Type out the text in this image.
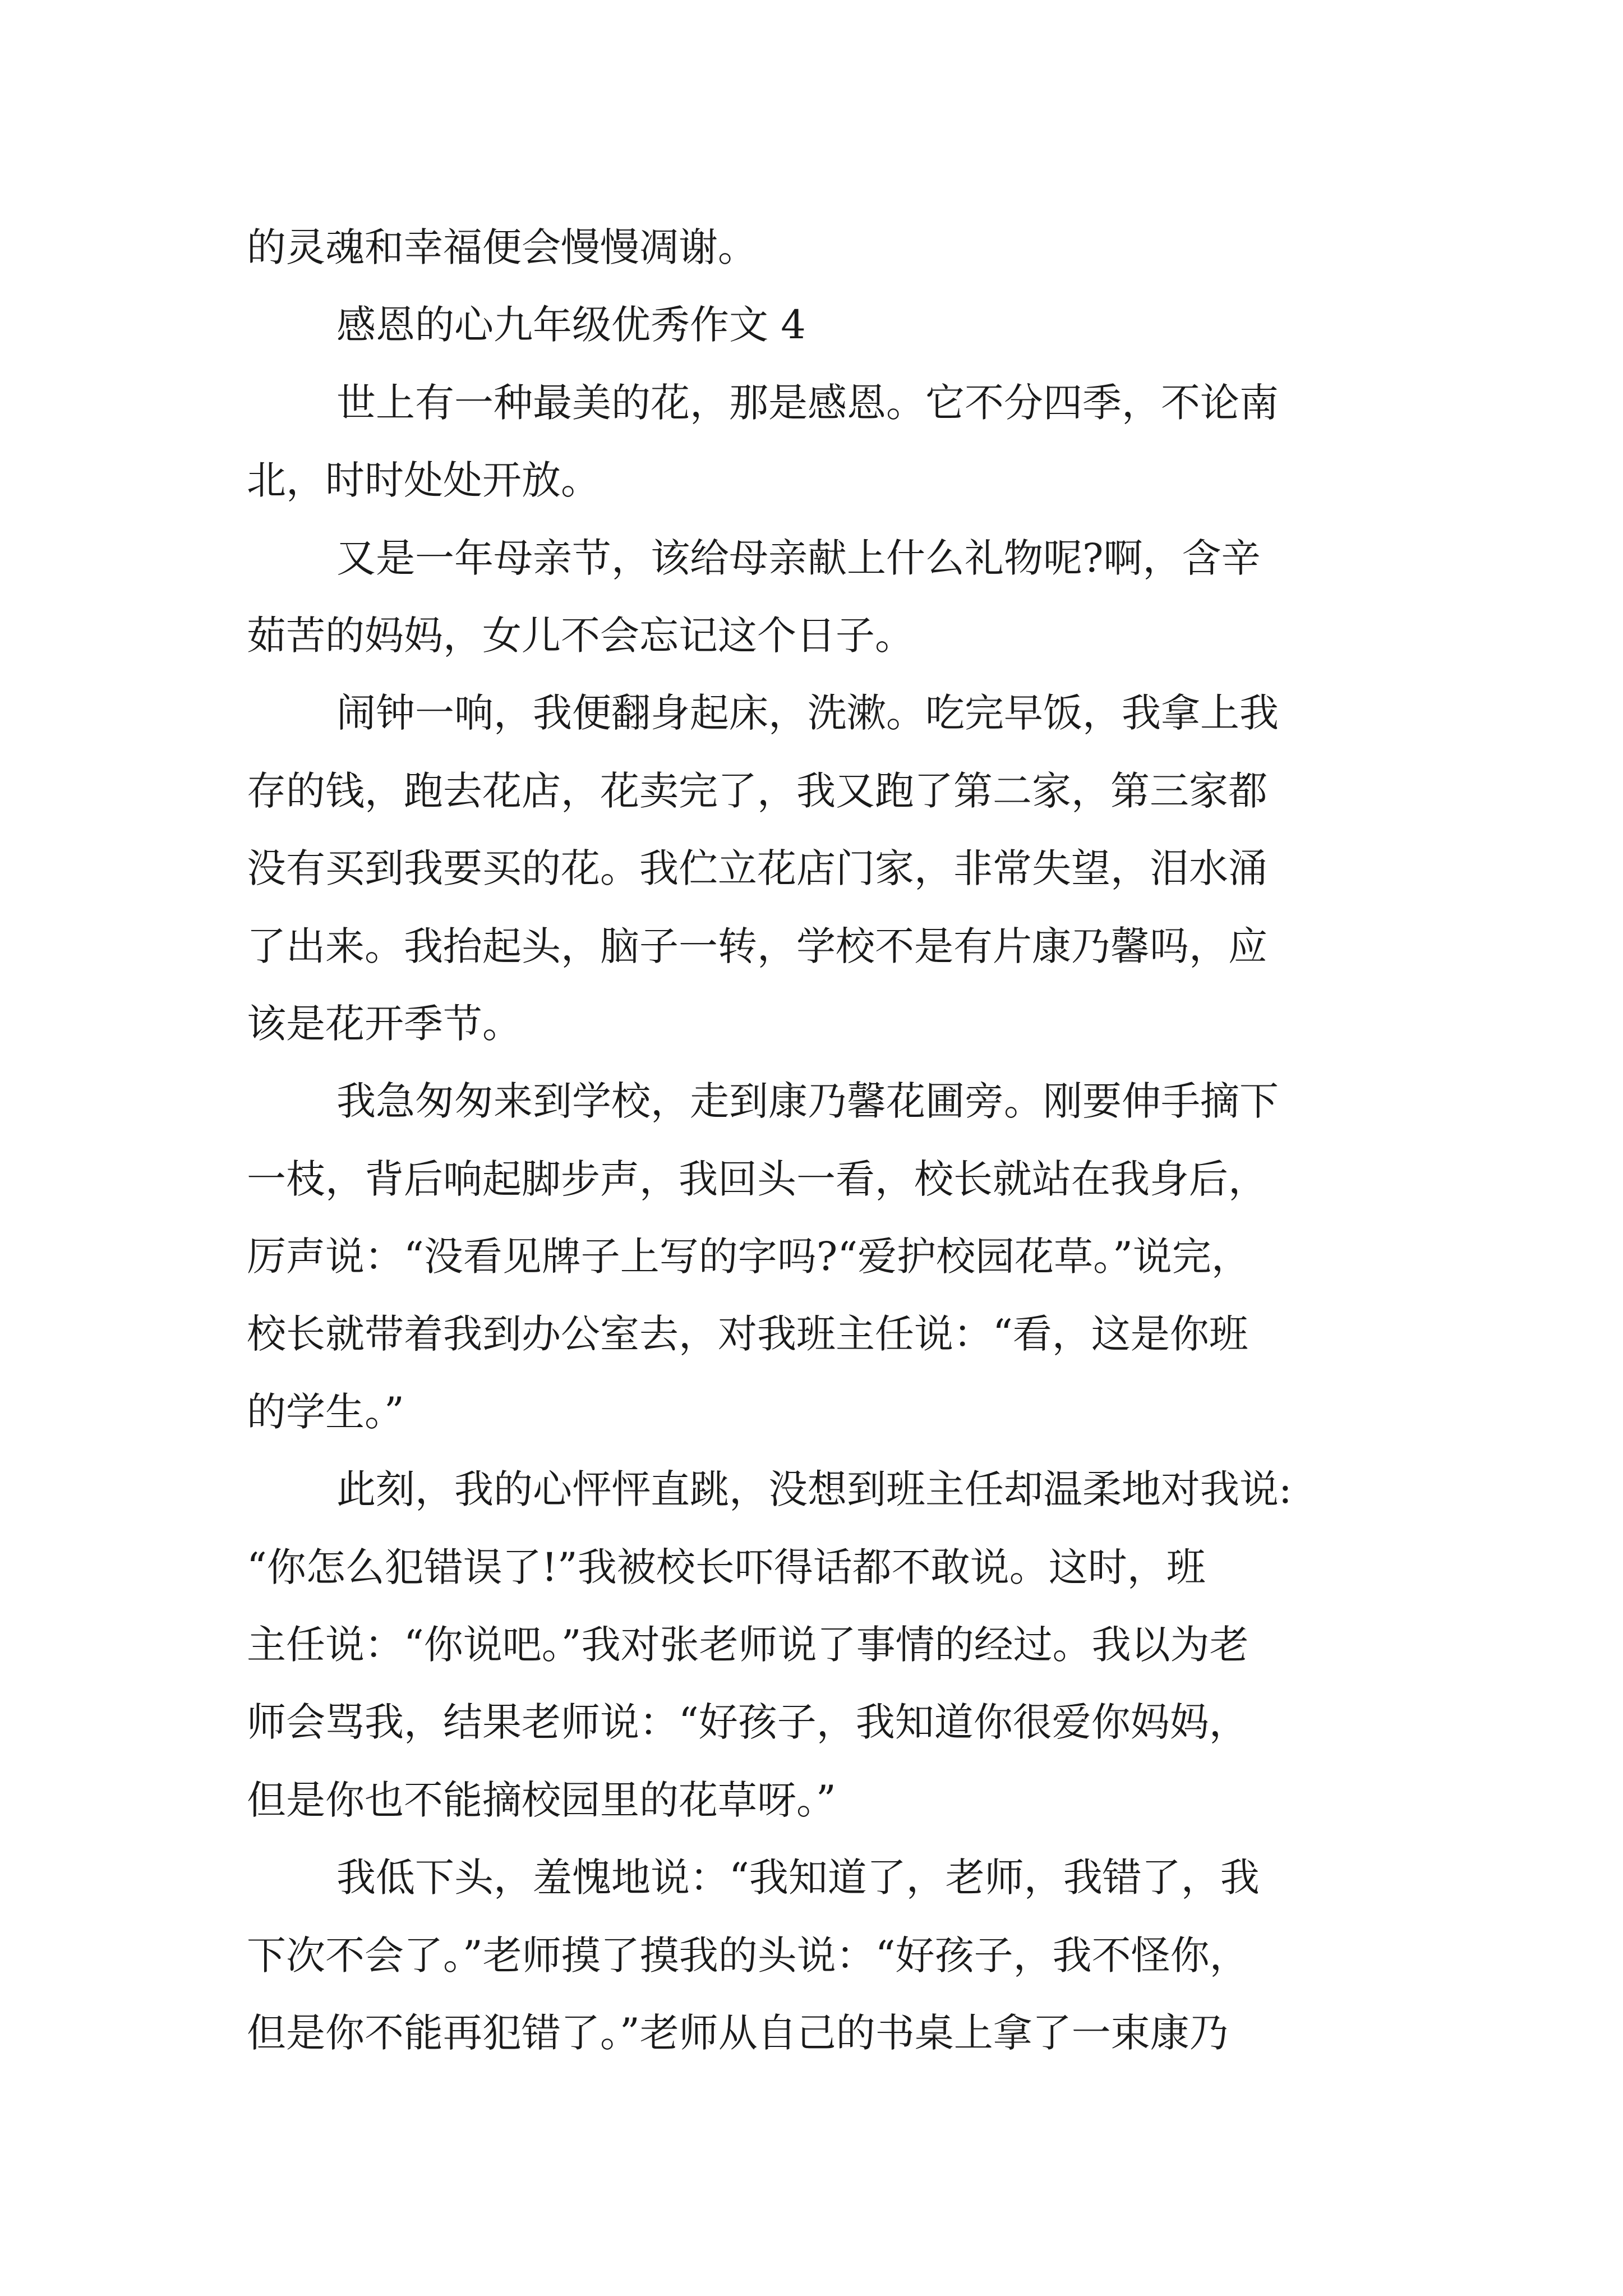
的灵魂和幸福便会慢慢凋谢。
感恩的心九年级优秀作文 4
世上有一种最美的花，那是感恩。它不分四季，不论南
北，时时处处开放。
又是一年母亲节，该给母亲献上什么礼物呢?啊，含辛
茹苦的妈妈，女儿不会忘记这个日子。
闹钟一响，我便翻身起床，洗漱。吃完早饭，我拿上我
存的钱，跑去花店，花卖完了，我又跑了第二家，第三家都
没有买到我要买的花。我伫立花店门家，非常失望，泪水涌
了出来。我抬起头，脑子一转，学校不是有片康乃馨吗，应
该是花开季节。
我急匆匆来到学校，走到康乃馨花圃旁。刚要伸手摘下
一枝，背后响起脚步声，我回头一看，校长就站在我身后，
厉声说：“没看见牌子上写的字吗?“爱护校园花草。”说完，
校长就带着我到办公室去，对我班主任说：“看，这是你班
的学生。”
此刻，我的心怦怦直跳，没想到班主任却温柔地对我说:
“你怎么犯错误了!”我被校长吓得话都不敢说。这时，班
主任说：“你说吧。”我对张老师说了事情的经过。我以为老
师会骂我，结果老师说：“好孩子，我知道你很爱你妈妈，
但是你也不能摘校园里的花草呀。”
我低下头，羞愧地说：“我知道了，老师，我错了，我
下次不会了。”老师摸了摸我的头说：“好孩子，我不怪你，
但是你不能再犯错了。”老师从自己的书桌上拿了一束康乃
